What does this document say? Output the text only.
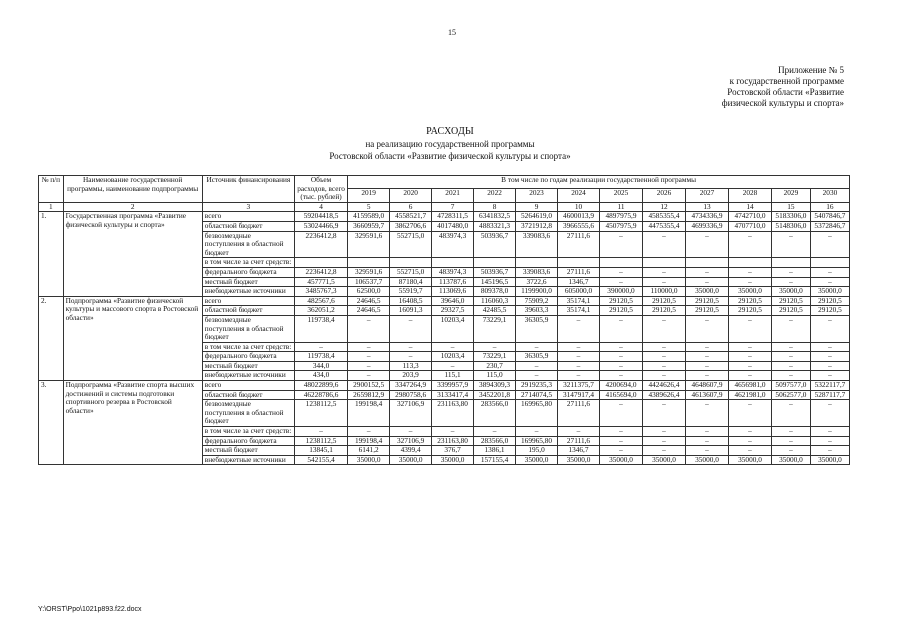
15
Приложение № 5
к государственной программе
Ростовской области «Развитие
физической культуры и спорта»
РАСХОДЫ
на реализацию государственной программы
Ростовской области «Развитие физической культуры и спорта»
№ п/п	Наименование государственной программы, наименование подпрограммы	Источник финансирования	Объем расходов, всего (тыс. рублей)	В том числе по годам реализации государственной программы											
				2019	2020	2021	2022	2023	2024	2025	2026	2027	2028	2029	2030
1	2	3	4	5	6	7	8	9	10	11	12	13	14	15	16
1.	Государственная программа «Развитие физической культуры и спорта»	всего	59204418,5	4159589,0	4558521,7	4728311,5	6341832,5	5264619,0	4600013,9	4897975,9	4585355,4	4734336,9	4742710,0	5183306,0	5407846,7
		областной бюджет	53024466,9	3660959,7	3862706,6	4017480,0	4883321,3	3721912,8	3966555,6	4507975,9	4475355,4	4699336,9	4707710,0	5148306,0	5372846,7
		безвозмездные поступления в областной бюджет	2236412,8	329591,6	552715,0	483974,3	503936,7	339083,6	27111,6	–	–	–	–	–	–
		в том числе за счет средств:													
		федерального бюджета	2236412,8	329591,6	552715,0	483974,3	503936,7	339083,6	27111,6	–	–	–	–	–	–
		местный бюджет	457771,5	106537,7	87180,4	113787,6	145196,5	3722,6	1346,7	–	–	–	–	–	–
		внебюджетные источники	3485767,3	62500,0	55919,7	113069,6	809378,0	1199900,0	605000,0	390000,0	110000,0	35000,0	35000,0	35000,0	35000,0
2.	Подпрограмма «Развитие физической культуры и массового спорта в Ростовской области»	всего	482567,6	24646,5	16408,5	39646,0	116060,3	75909,2	35174,1	29120,5	29120,5	29120,5	29120,5	29120,5	29120,5
		областной бюджет	362051,2	24646,5	16091,3	29327,5	42485,5	39603,3	35174,1	29120,5	29120,5	29120,5	29120,5	29120,5	29120,5
		безвозмездные поступления в областной бюджет	119738,4	–	–	10203,4	73229,1	36305,9	–	–	–	–	–	–	–
		в том числе за счет средств:	–	–	–	–	–	–	–	–	–	–	–	–	–
		федерального бюджета	119738,4	–	–	10203,4	73229,1	36305,9	–	–	–	–	–	–	–
		местный бюджет	344,0	–	113,3	–	230,7	–	–	–	–	–	–	–	–
		внебюджетные источники	434,0	–	203,9	115,1	115,0	–	–	–	–	–	–	–	–
3.	Подпрограмма «Развитие спорта высших достижений и системы подготовки спортивного резерва в Ростовской области»	всего	48022899,6	2900152,5	3347264,9	3399957,9	3894309,3	2919235,3	3211375,7	4200694,0	4424626,4	4648607,9	4656981,0	5097577,0	5322117,7
		областной бюджет	46228786,6	2659812,9	2980758,6	3133417,4	3452201,8	2714074,5	3147917,4	4165694,0	4389626,4	4613607,9	4621981,0	5062577,0	5287117,7
		безвозмездные поступления в областной бюджет	1238112,5	199198,4	327106,9	231163,80	283566,0	169965,80	27111,6	–	–	–	–	–	–
		в том числе за счет средств:	–	–	–	–	–	–	–	–	–	–	–	–	–
		федерального бюджета	1238112,5	199198,4	327106,9	231163,80	283566,0	169965,80	27111,6	–	–	–	–	–	–
		местный бюджет	13845,1	6141,2	4399,4	376,7	1386,1	195,0	1346,7	–	–	–	–	–	–
		внебюджетные источники	542155,4	35000,0	35000,0	35000,0	157155,4	35000,0	35000,0	35000,0	35000,0	35000,0	35000,0	35000,0	35000,0
Y:\ORST\Ppo\1021p893.f22.docx
